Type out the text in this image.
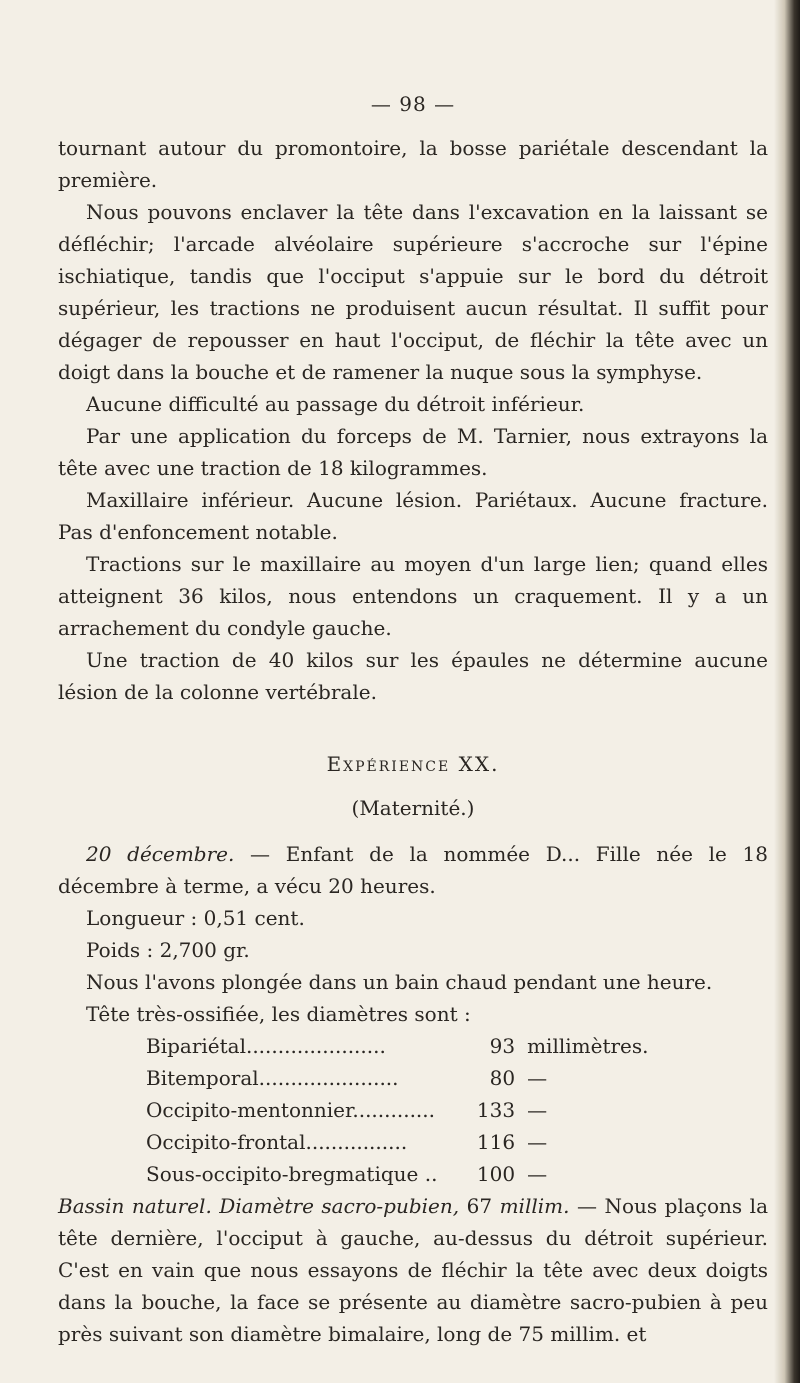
— 98 —

tournant autour du promontoire, la bosse pariétale descendant la première.

Nous pouvons enclaver la tête dans l'excavation en la laissant se défléchir; l'arcade alvéolaire supérieure s'accroche sur l'épine ischiatique, tandis que l'occiput s'appuie sur le bord du détroit supérieur, les tractions ne produisent aucun résultat. Il suffit pour dégager de repousser en haut l'occiput, de fléchir la tête avec un doigt dans la bouche et de ramener la nuque sous la symphyse.

Aucune difficulté au passage du détroit inférieur.

Par une application du forceps de M. Tarnier, nous extrayons la tête avec une traction de 18 kilogrammes.

Maxillaire inférieur. Aucune lésion. Pariétaux. Aucune fracture. Pas d'enfoncement notable.

Tractions sur le maxillaire au moyen d'un large lien; quand elles atteignent 36 kilos, nous entendons un craquement. Il y a un arrachement du condyle gauche.

Une traction de 40 kilos sur les épaules ne détermine aucune lésion de la colonne vertébrale.

Expérience XX.
(Maternité.)

20 décembre. — Enfant de la nommée D... Fille née le 18 décembre à terme, a vécu 20 heures.

Longueur : 0,51 cent.

Poids : 2,700 gr.

Nous l'avons plongée dans un bain chaud pendant une heure.

Tête très-ossifiée, les diamètres sont :

Bipariétal......................	93 millimètres.
Bitemporal......................	80 —
Occipito-mentonnier.............	133 —
Occipito-frontal................	116 —
Sous-occipito-bregmatique ..	100 —

Bassin naturel. Diamètre sacro-pubien, 67 millim. — Nous plaçons la tête dernière, l'occiput à gauche, au-dessus du détroit supérieur. C'est en vain que nous essayons de fléchir la tête avec deux doigts dans la bouche, la face se présente au diamètre sacro-pubien à peu près suivant son diamètre bimalaire, long de 75 millim. et
